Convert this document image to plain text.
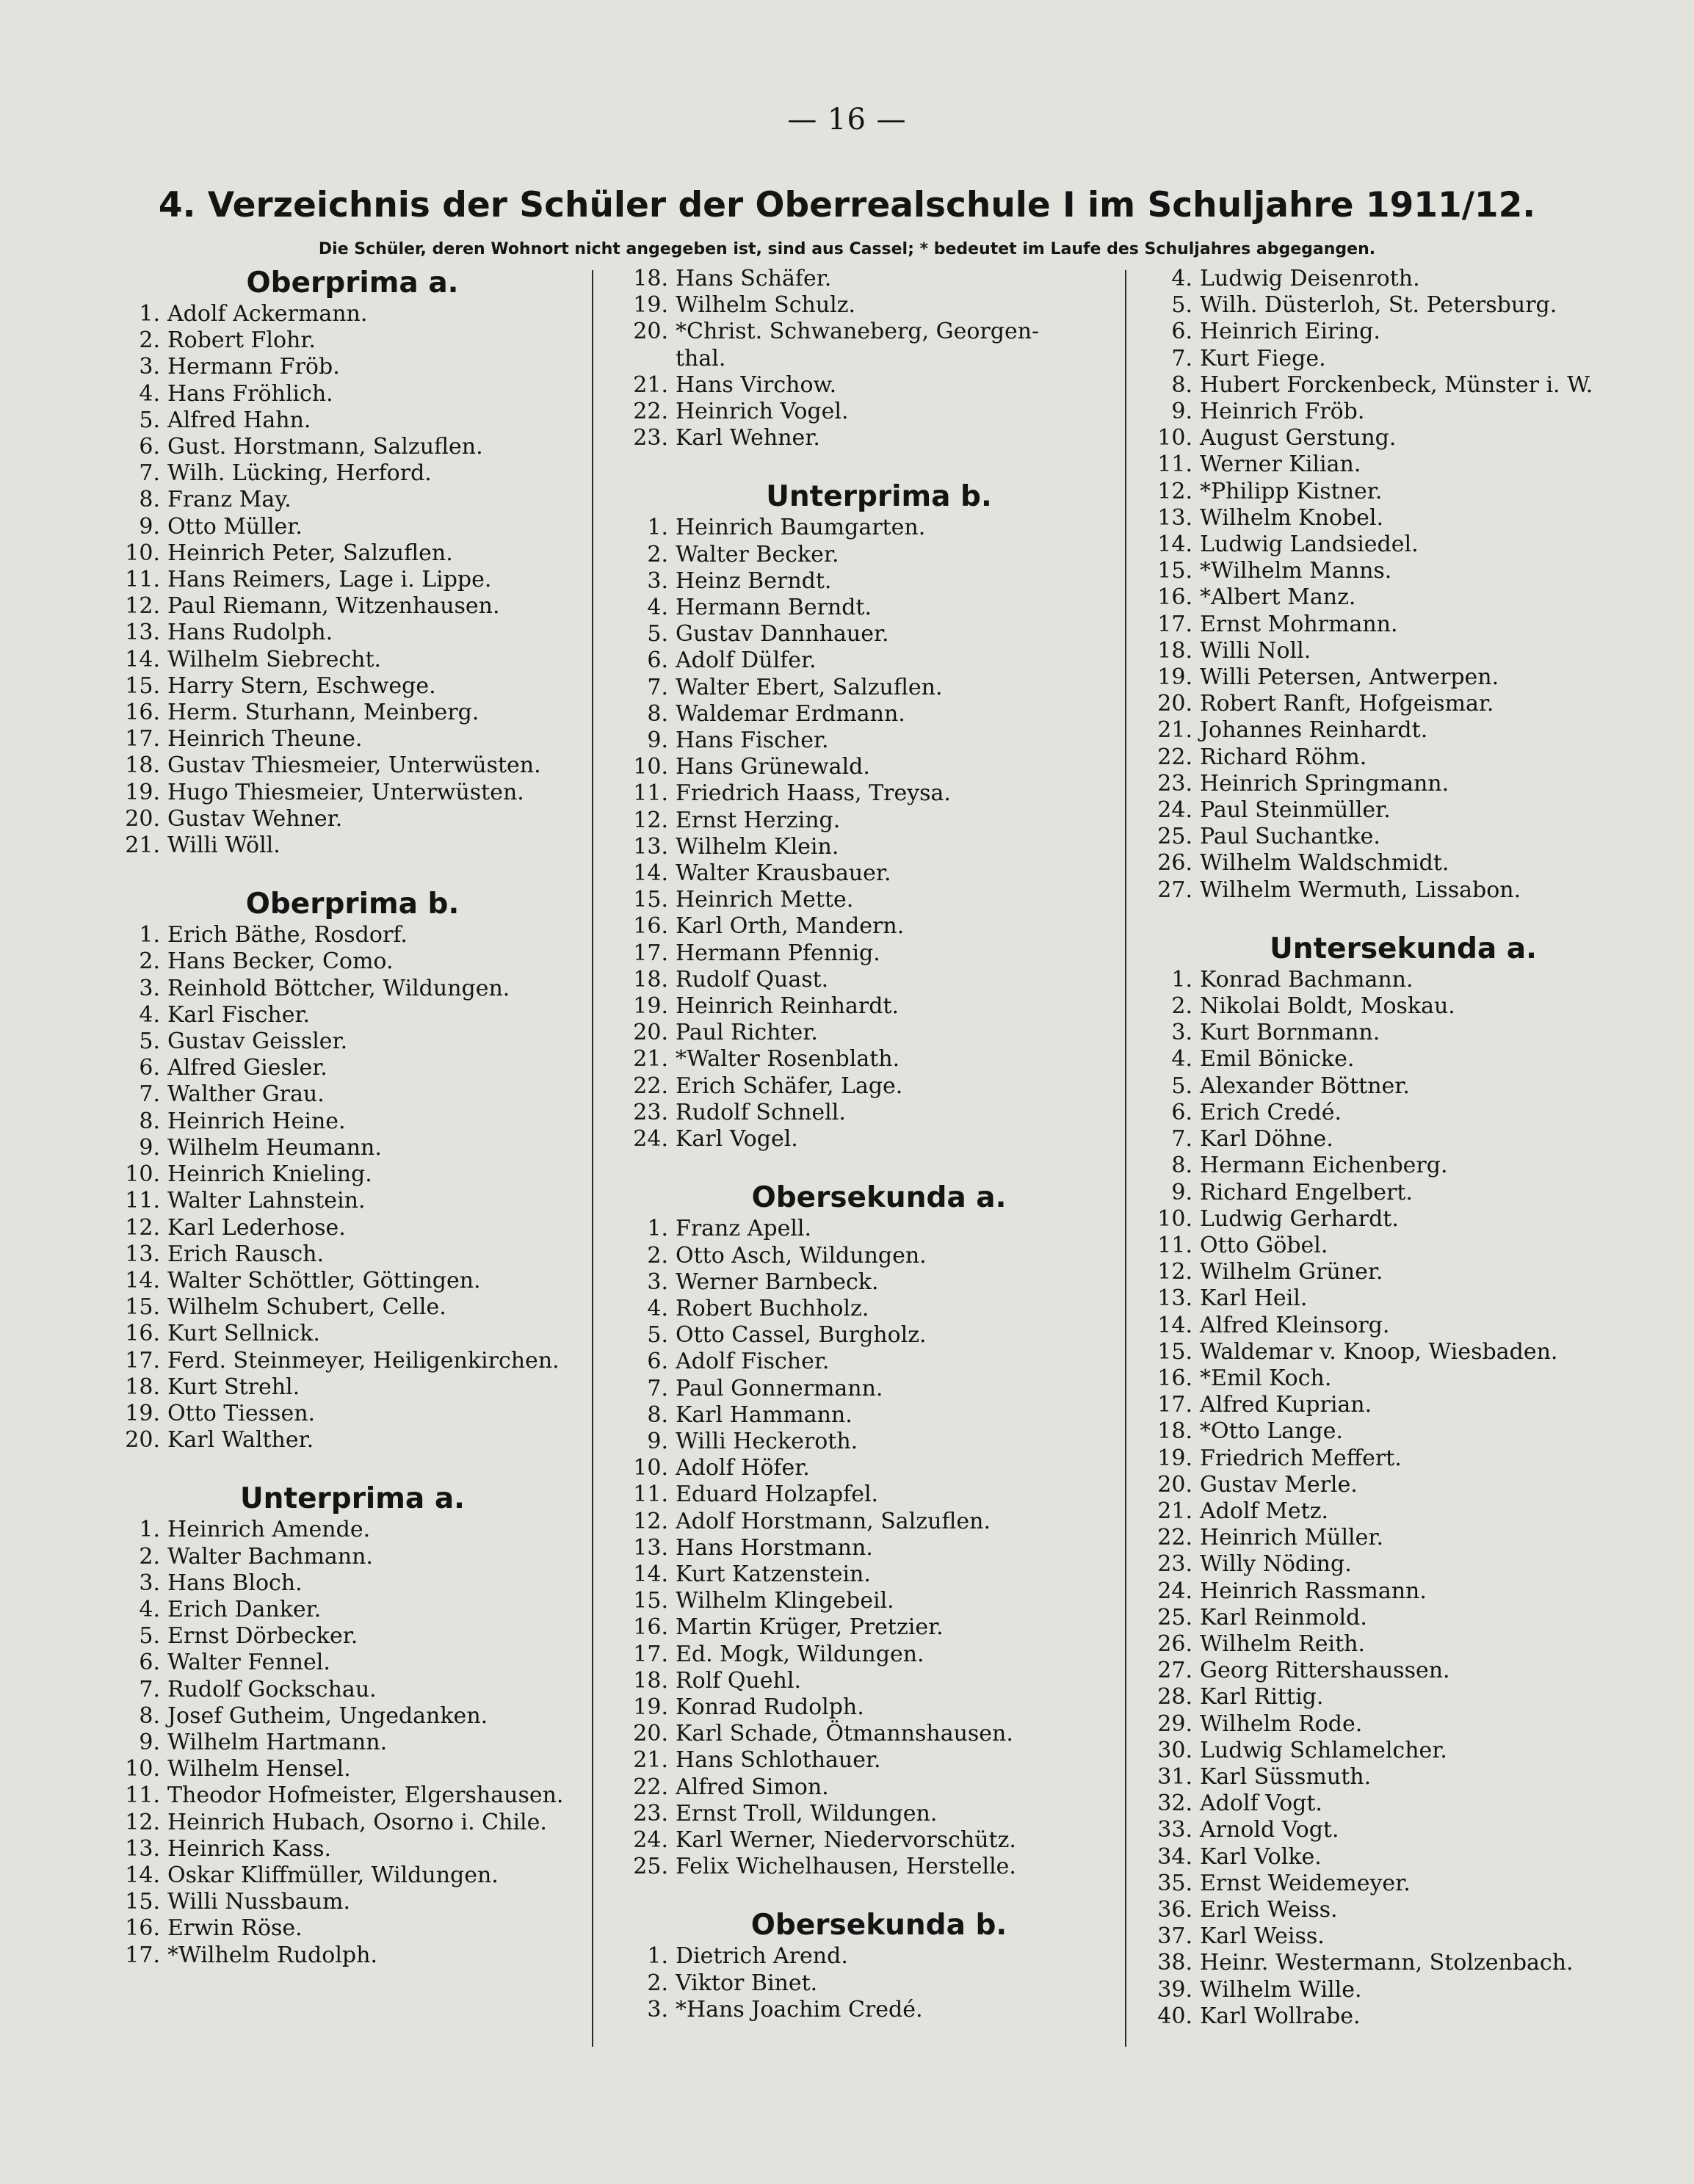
— 16 —
4. Verzeichnis der Schüler der Oberrealschule I im Schuljahre 1911/12.
Die Schüler, deren Wohnort nicht angegeben ist, sind aus Cassel; * bedeutet im Laufe des Schuljahres abgegangen.
Oberprima a.
1. Adolf Ackermann.
2. Robert Flohr.
3. Hermann Fröb.
4. Hans Fröhlich.
5. Alfred Hahn.
6. Gust. Horstmann, Salzuflen.
7. Wilh. Lücking, Herford.
8. Franz May.
9. Otto Müller.
10. Heinrich Peter, Salzuflen.
11. Hans Reimers, Lage i. Lippe.
12. Paul Riemann, Witzenhausen.
13. Hans Rudolph.
14. Wilhelm Siebrecht.
15. Harry Stern, Eschwege.
16. Herm. Sturhann, Meinberg.
17. Heinrich Theune.
18. Gustav Thiesmeier, Unterwüsten.
19. Hugo Thiesmeier, Unterwüsten.
20. Gustav Wehner.
21. Willi Wöll.
Oberprima b.
1. Erich Bäthe, Rosdorf.
2. Hans Becker, Como.
3. Reinhold Böttcher, Wildungen.
4. Karl Fischer.
5. Gustav Geissler.
6. Alfred Giesler.
7. Walther Grau.
8. Heinrich Heine.
9. Wilhelm Heumann.
10. Heinrich Knieling.
11. Walter Lahnstein.
12. Karl Lederhose.
13. Erich Rausch.
14. Walter Schöttler, Göttingen.
15. Wilhelm Schubert, Celle.
16. Kurt Sellnick.
17. Ferd. Steinmeyer, Heiligenkirchen.
18. Kurt Strehl.
19. Otto Tiessen.
20. Karl Walther.
Unterprima a.
1. Heinrich Amende.
2. Walter Bachmann.
3. Hans Bloch.
4. Erich Danker.
5. Ernst Dörbecker.
6. Walter Fennel.
7. Rudolf Gockschau.
8. Josef Gutheim, Ungedanken.
9. Wilhelm Hartmann.
10. Wilhelm Hensel.
11. Theodor Hofmeister, Elgershausen.
12. Heinrich Hubach, Osorno i. Chile.
13. Heinrich Kass.
14. Oskar Kliffmüller, Wildungen.
15. Willi Nussbaum.
16. Erwin Röse.
17. *Wilhelm Rudolph.
18. Hans Schäfer.
19. Wilhelm Schulz.
20. *Christ. Schwaneberg, Georgen-
thal.
21. Hans Virchow.
22. Heinrich Vogel.
23. Karl Wehner.
Unterprima b.
1. Heinrich Baumgarten.
2. Walter Becker.
3. Heinz Berndt.
4. Hermann Berndt.
5. Gustav Dannhauer.
6. Adolf Dülfer.
7. Walter Ebert, Salzuflen.
8. Waldemar Erdmann.
9. Hans Fischer.
10. Hans Grünewald.
11. Friedrich Haass, Treysa.
12. Ernst Herzing.
13. Wilhelm Klein.
14. Walter Krausbauer.
15. Heinrich Mette.
16. Karl Orth, Mandern.
17. Hermann Pfennig.
18. Rudolf Quast.
19. Heinrich Reinhardt.
20. Paul Richter.
21. *Walter Rosenblath.
22. Erich Schäfer, Lage.
23. Rudolf Schnell.
24. Karl Vogel.
Obersekunda a.
1. Franz Apell.
2. Otto Asch, Wildungen.
3. Werner Barnbeck.
4. Robert Buchholz.
5. Otto Cassel, Burgholz.
6. Adolf Fischer.
7. Paul Gonnermann.
8. Karl Hammann.
9. Willi Heckeroth.
10. Adolf Höfer.
11. Eduard Holzapfel.
12. Adolf Horstmann, Salzuflen.
13. Hans Horstmann.
14. Kurt Katzenstein.
15. Wilhelm Klingebeil.
16. Martin Krüger, Pretzier.
17. Ed. Mogk, Wildungen.
18. Rolf Quehl.
19. Konrad Rudolph.
20. Karl Schade, Ötmannshausen.
21. Hans Schlothauer.
22. Alfred Simon.
23. Ernst Troll, Wildungen.
24. Karl Werner, Niedervorschütz.
25. Felix Wichelhausen, Herstelle.
Obersekunda b.
1. Dietrich Arend.
2. Viktor Binet.
3. *Hans Joachim Credé.
4. Ludwig Deisenroth.
5. Wilh. Düsterloh, St. Petersburg.
6. Heinrich Eiring.
7. Kurt Fiege.
8. Hubert Forckenbeck, Münster i. W.
9. Heinrich Fröb.
10. August Gerstung.
11. Werner Kilian.
12. *Philipp Kistner.
13. Wilhelm Knobel.
14. Ludwig Landsiedel.
15. *Wilhelm Manns.
16. *Albert Manz.
17. Ernst Mohrmann.
18. Willi Noll.
19. Willi Petersen, Antwerpen.
20. Robert Ranft, Hofgeismar.
21. Johannes Reinhardt.
22. Richard Röhm.
23. Heinrich Springmann.
24. Paul Steinmüller.
25. Paul Suchantke.
26. Wilhelm Waldschmidt.
27. Wilhelm Wermuth, Lissabon.
Untersekunda a.
1. Konrad Bachmann.
2. Nikolai Boldt, Moskau.
3. Kurt Bornmann.
4. Emil Bönicke.
5. Alexander Böttner.
6. Erich Credé.
7. Karl Döhne.
8. Hermann Eichenberg.
9. Richard Engelbert.
10. Ludwig Gerhardt.
11. Otto Göbel.
12. Wilhelm Grüner.
13. Karl Heil.
14. Alfred Kleinsorg.
15. Waldemar v. Knoop, Wiesbaden.
16. *Emil Koch.
17. Alfred Kuprian.
18. *Otto Lange.
19. Friedrich Meffert.
20. Gustav Merle.
21. Adolf Metz.
22. Heinrich Müller.
23. Willy Nöding.
24. Heinrich Rassmann.
25. Karl Reinmold.
26. Wilhelm Reith.
27. Georg Rittershaussen.
28. Karl Rittig.
29. Wilhelm Rode.
30. Ludwig Schlamelcher.
31. Karl Süssmuth.
32. Adolf Vogt.
33. Arnold Vogt.
34. Karl Volke.
35. Ernst Weidemeyer.
36. Erich Weiss.
37. Karl Weiss.
38. Heinr. Westermann, Stolzenbach.
39. Wilhelm Wille.
40. Karl Wollrabe.
